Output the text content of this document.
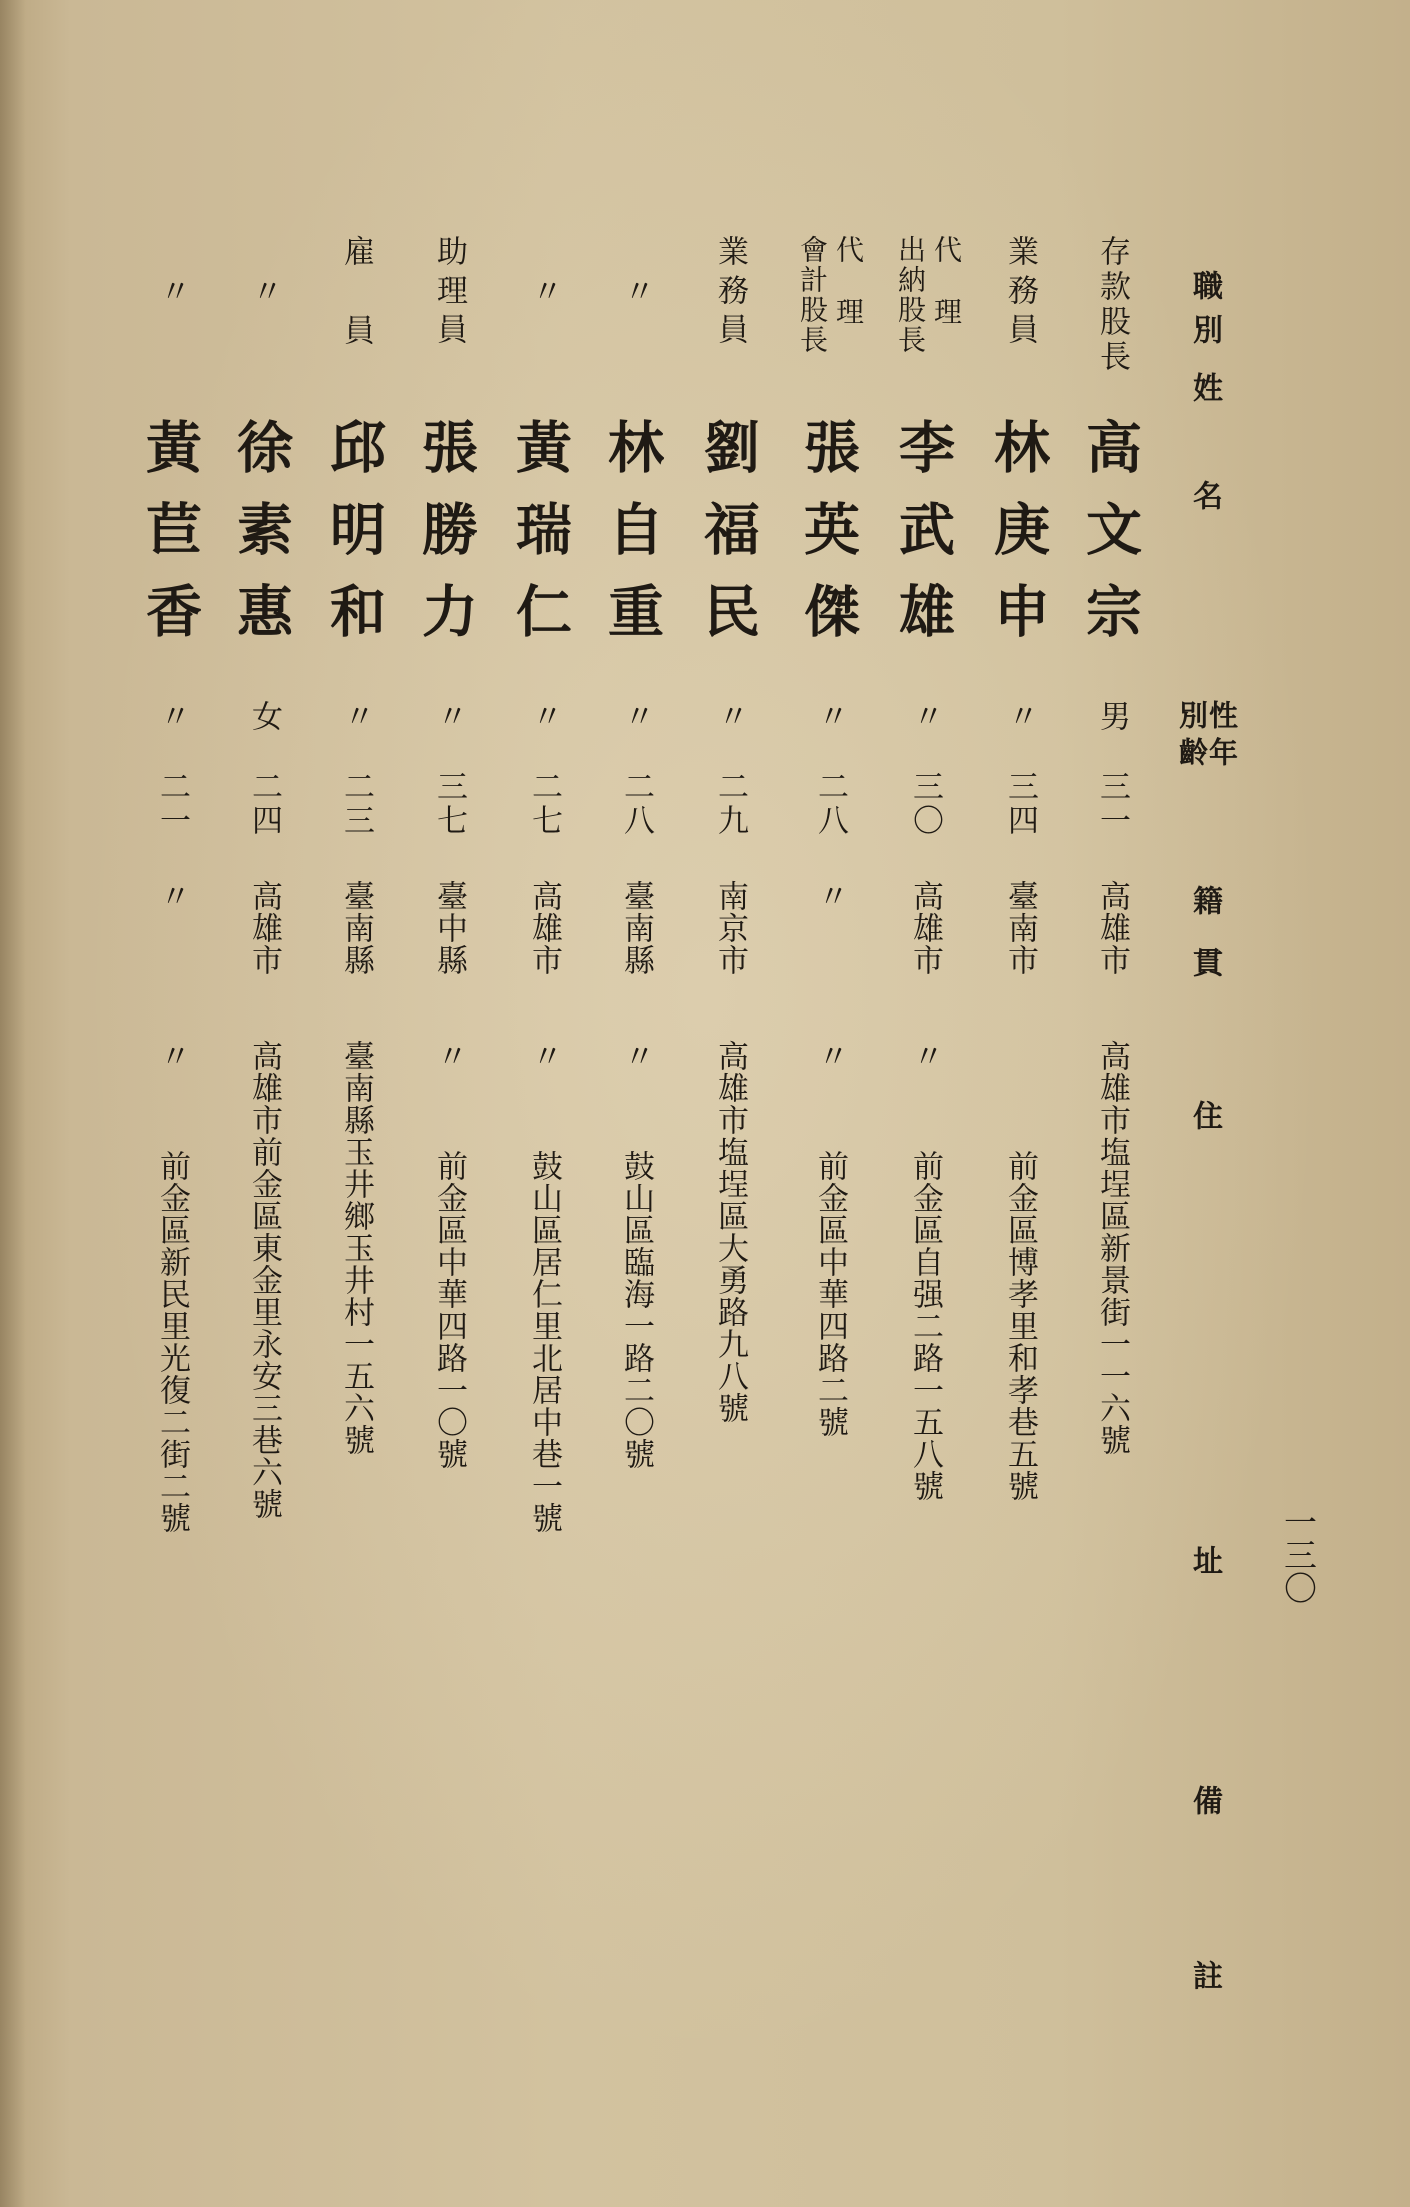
一三〇
職別
姓　　名
性年
別齡
籍貫
住
址
備
註
存款股長
高文宗
男
三一
高雄市
高雄市塩埕區新景街一一六號
業務員
林庚申
〃
三四
臺南市
前金區博孝里和孝巷五號
代理
出納股長
李武雄
〃
三〇
高雄市
〃
前金區自强二路一五八號
代理
會計股長
張英傑
〃
二八
〃
〃
前金區中華四路二號
業務員
劉福民
〃
二九
南京市
高雄市塩埕區大勇路九八號
〃
林自重
〃
二八
臺南縣
〃
鼓山區臨海一路二〇號
〃
黃瑞仁
〃
二七
高雄市
〃
鼓山區居仁里北居中巷一號
助理員
張勝力
〃
三七
臺中縣
〃
前金區中華四路一〇號
雇員
邱明和
〃
二三
臺南縣
臺南縣玉井鄉玉井村一五六號
〃
徐素惠
女
二四
高雄市
高雄市前金區東金里永安三巷六號
〃
黃苣香
〃
二一
〃
〃
前金區新民里光復二街二號
